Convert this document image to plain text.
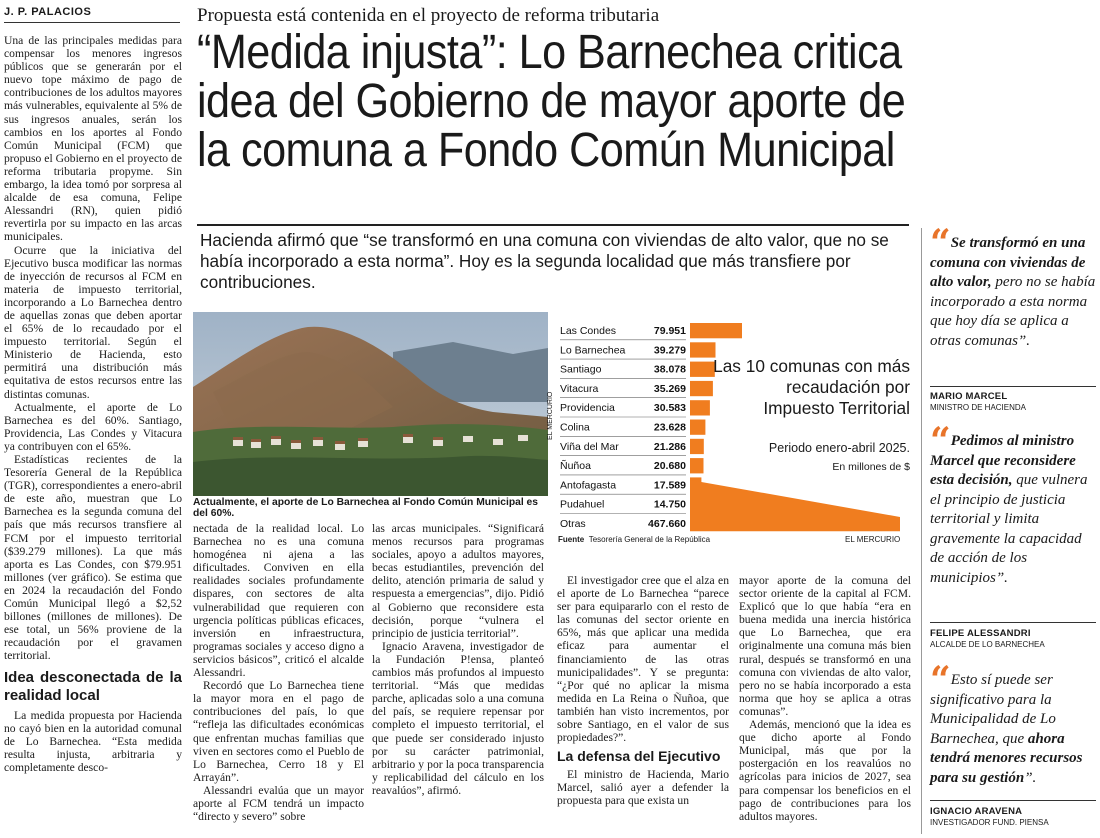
J. P. PALACIOS

Una de las principales medidas para compensar los menores ingresos públicos que se generarán por el nuevo tope máximo de pago de contribuciones de los adultos mayores más vulnerables, equivalente al 5% de sus ingresos anuales, serán los cambios en los aportes al Fondo Común Municipal (FCM) que propuso el Gobierno en el proyecto de reforma tributaria propyme. Sin embargo, la idea tomó por sorpresa al alcalde de esa comuna, Felipe Alessandri (RN), quien pidió revertirla por su impacto en las arcas municipales.

Ocurre que la iniciativa del Ejecutivo busca modificar las normas de inyección de recursos al FCM en materia de impuesto territorial, incorporando a Lo Barnechea dentro de aquellas zonas que deben aportar el 65% de lo recaudado por el impuesto territorial. Según el Ministerio de Hacienda, esto permitirá una distribución más equitativa de estos recursos entre las distintas comunas.

Actualmente, el aporte de Lo Barnechea es del 60%. Santiago, Providencia, Las Condes y Vitacura ya contribuyen con el 65%.

Estadísticas recientes de la Tesorería General de la República (TGR), correspondientes a enero-abril de este año, muestran que Lo Barnechea es la segunda comuna del país que más recursos transfiere al FCM por el impuesto territorial ($39.279 millones). La que más aporta es Las Condes, con $79.951 millones (ver gráfico). Se estima que en 2024 la recaudación del Fondo Común Municipal llegó a $2,52 billones (millones de millones). De ese total, un 56% proviene de la recaudación por el gravamen territorial.

Idea desconectada de la realidad local

La medida propuesta por Hacienda no cayó bien en la autoridad comunal de Lo Barnechea. “Esta medida resulta injusta, arbitraria y completamente desco-

Propuesta está contenida en el proyecto de reforma tributaria
“Medida injusta”: Lo Barnechea critica
idea del Gobierno de mayor aporte de
la comuna a Fondo Común Municipal
Hacienda afirmó que “se transformó en una comuna con viviendas de alto valor, que no se había incorporado a esta norma”. Hoy es la segunda localidad que más transfiere por contribuciones.
Actualmente, el aporte de Lo Barnechea al Fondo Común Municipal es del 60%.
Las Condes	79.951
Lo Barnechea	39.279
Santiago	38.078
Vitacura	35.269
Providencia	30.583
Colina	23.628
Viña del Mar	21.286
Ñuñoa	20.680
Antofagasta	17.589
Pudahuel	14.750
Otras	467.660
Las 10 comunas con más recaudación por Impuesto Territorial
Periodo enero-abril 2025.
En millones de $
Fuente Tesorería General de la República	EL MERCURIO
EL MERCURIO

nectada de la realidad local. Lo Barnechea no es una comuna homogénea ni ajena a las dificultades. Conviven en ella realidades sociales profundamente dispares, con sectores de alta vulnerabilidad que requieren con urgencia políticas públicas eficaces, inversión en infraestructura, programas sociales y acceso digno a servicios básicos”, criticó el alcalde Alessandri.

Recordó que Lo Barnechea tiene la mayor mora en el pago de contribuciones del país, lo que “refleja las dificultades económicas que enfrentan muchas familias que viven en sectores como el Pueblo de Lo Barnechea, Cerro 18 y El Arrayán”.

Alessandri evalúa que un mayor aporte al FCM tendrá un impacto “directo y severo” sobre

las arcas municipales. “Significará menos recursos para programas sociales, apoyo a adultos mayores, becas estudiantiles, prevención del delito, atención primaria de salud y respuesta a emergencias”, dijo. Pidió al Gobierno que reconsidere esta decisión, porque “vulnera el principio de justicia territorial”.

Ignacio Aravena, investigador de la Fundación P!ensa, planteó cambios más profundos al impuesto territorial. “Más que medidas parche, aplicadas solo a una comuna del país, se requiere repensar por completo el impuesto territorial, el que puede ser considerado injusto por su carácter patrimonial, arbitrario y por la poca transparencia y replicabilidad del cálculo en los reavalúos”, afirmó.

El investigador cree que el alza en el aporte de Lo Barnechea “parece ser para equipararlo con el resto de las comunas del sector oriente en 65%, más que aplicar una medida eficaz para aumentar el financiamiento de las otras municipalidades”. Y se pregunta: “¿Por qué no aplicar la misma medida en La Reina o Ñuñoa, que también han visto incrementos, por sobre Santiago, en el valor de sus propiedades?”.

La defensa del Ejecutivo

El ministro de Hacienda, Mario Marcel, salió ayer a defender la propuesta para que exista un

mayor aporte de la comuna del sector oriente de la capital al FCM. Explicó que lo que había “era en buena medida una inercia histórica que Lo Barnechea, que era originalmente una comuna más bien rural, después se transformó en una comuna con viviendas de alto valor, pero no se había incorporado a esta norma que hoy se aplica a otras comunas”.

Además, mencionó que la idea es que dicho aporte al Fondo Municipal, más que por la postergación en los reavalúos no agrícolas para inicios de 2027, sea para compensar los beneficios en el pago de contribuciones para los adultos mayores.

“ Se transformó en una comuna con viviendas de alto valor, pero no se había incorporado a esta norma que hoy día se aplica a otras comunas”.
MARIO MARCEL
MINISTRO DE HACIENDA
“ Pedimos al ministro Marcel que reconsidere esta decisión, que vulnera el principio de justicia territorial y limita gravemente la capacidad de acción de los municipios”.
FELIPE ALESSANDRI
ALCALDE DE LO BARNECHEA
“ Esto sí puede ser significativo para la Municipalidad de Lo Barnechea, que ahora tendrá menores recursos para su gestión”.
IGNACIO ARAVENA
INVESTIGADOR FUND. PIENSA
